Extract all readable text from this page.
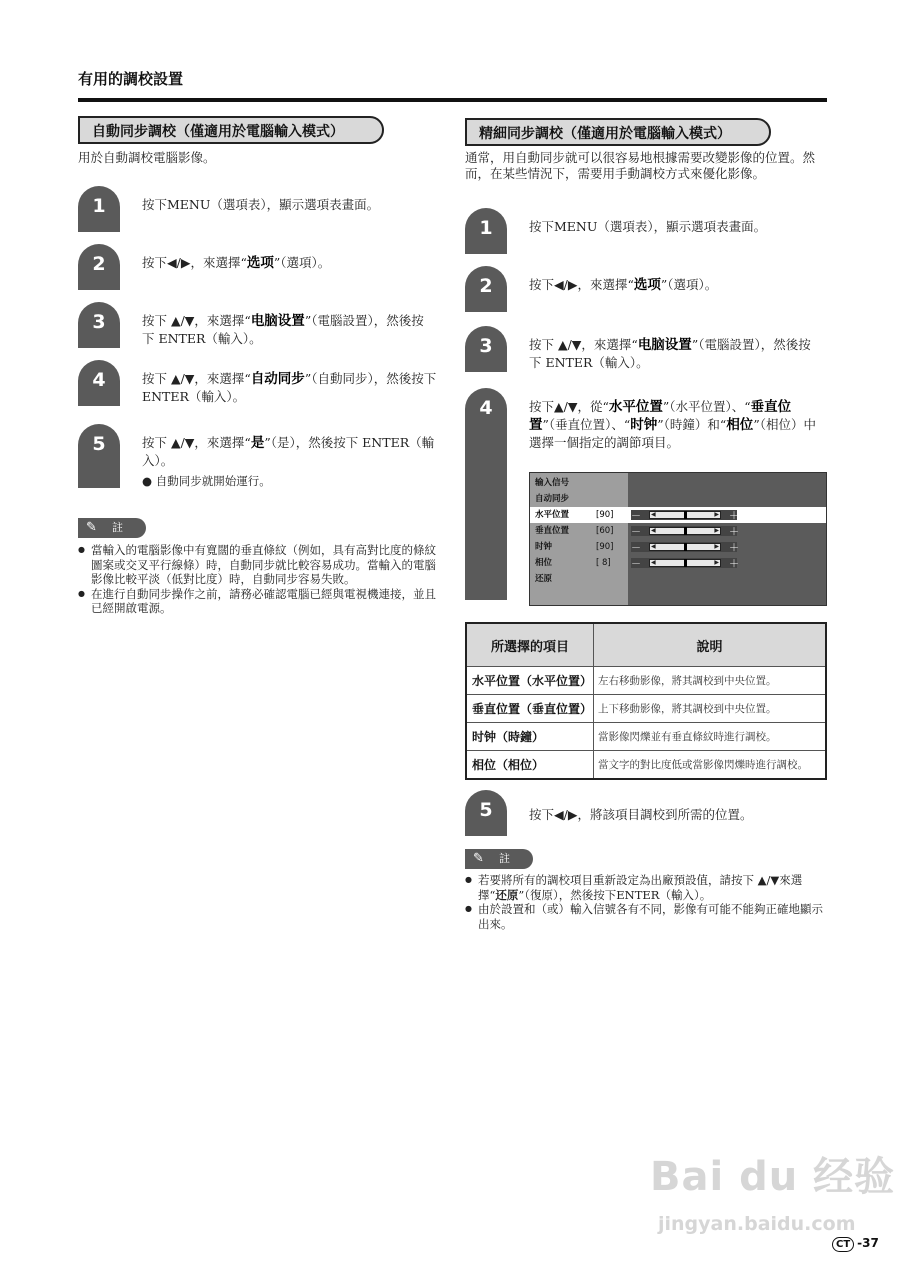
有用的調校設置
自動同步調校（僅適用於電腦輸入模式）
用於自動調校電腦影像。
1	按下MENU（選項表），顯示選項表畫面。
2	按下◀/▶，來選擇“选项”（選項）。
3	按下 ▲/▼，來選擇“电脑设置”（電腦設置），然後按下 ENTER（輸入）。
4	按下 ▲/▼，來選擇“自动同步”（自動同步），然後按下 ENTER（輸入）。
5	按下 ▲/▼，來選擇“是”（是），然後按下 ENTER（輸入）。
● 自動同步就開始運行。
✎ 註
● 當輸入的電腦影像中有寬闊的垂直條紋（例如，具有高對比度的條紋圖案或交叉平行線條）時，自動同步就比較容易成功。當輸入的電腦影像比較平淡（低對比度）時，自動同步容易失敗。
● 在進行自動同步操作之前，請務必確認電腦已經與電視機連接，並且已經開啟電源。
精細同步調校（僅適用於電腦輸入模式）
通常，用自動同步就可以很容易地根據需要改變影像的位置。然而，在某些情況下，需要用手動調校方式來優化影像。
1	按下MENU（選項表），顯示選項表畫面。
2	按下◀/▶，來選擇“选项”（選項）。
3	按下 ▲/▼，來選擇“电脑设置”（電腦設置），然後按下 ENTER（輸入）。
4	按下▲/▼，從“水平位置”（水平位置）、“垂直位置”（垂直位置）、“时钟”（時鐘）和“相位”（相位）中選擇一個指定的調節項目。
输入信号
自动同步
水平位置	[90]
垂直位置	[60]
时钟	[90]
相位	[ 8]
还原
－ ◀	▶ ＋
－ ◀	▶ ＋
－ ◀	▶ ＋
－ ◀	▶ ＋
所選擇的項目	說明
水平位置（水平位置）	左右移動影像，將其調校到中央位置。
垂直位置（垂直位置）	上下移動影像，將其調校到中央位置。
时钟（時鐘）	當影像閃爍並有垂直條紋時進行調校。
相位（相位）	當文字的對比度低或當影像閃爍時進行調校。
5	按下◀/▶，將該項目調校到所需的位置。
✎ 註
● 若要將所有的調校項目重新設定為出廠預設值，請按下 ▲/▼來選擇“还原”（復原），然後按下ENTER（輸入）。
● 由於設置和（或）輸入信號各有不同，影像有可能不能夠正確地顯示出來。
Bai du 经验
jingyan.baidu.com
CT -37
